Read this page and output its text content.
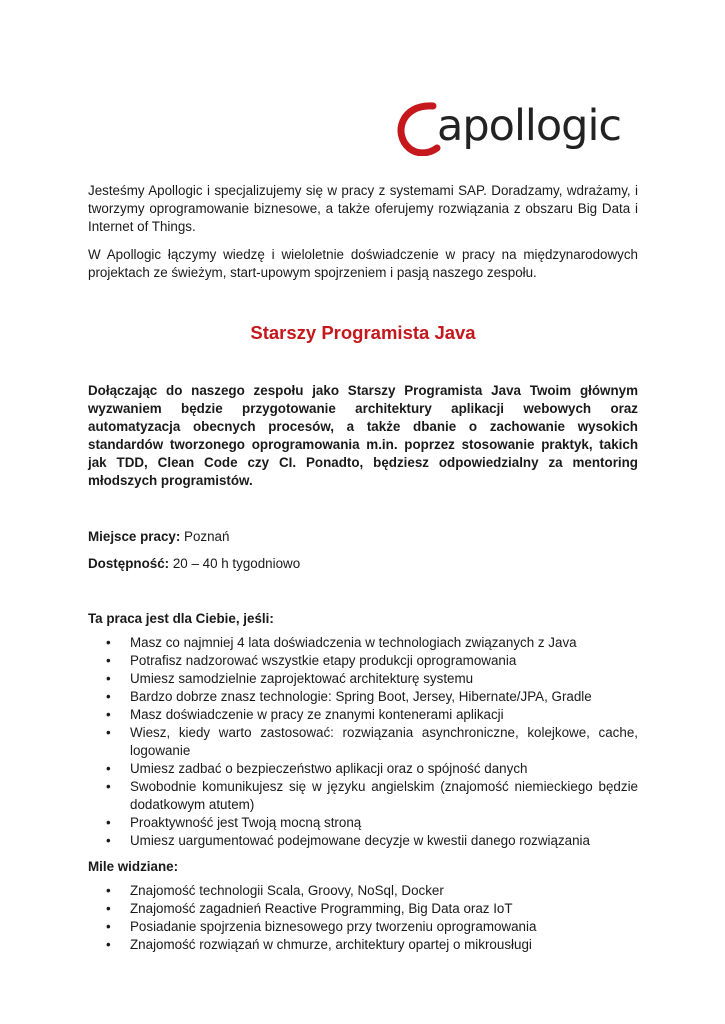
apollogic

Jesteśmy Apollogic i specjalizujemy się w pracy z systemami SAP. Doradzamy, wdrażamy, i tworzymy oprogramowanie biznesowe, a także oferujemy rozwiązania z obszaru Big Data i Internet of Things.

W Apollogic łączymy wiedzę i wieloletnie doświadczenie w pracy na międzynarodowych projektach ze świeżym, start-upowym spojrzeniem i pasją naszego zespołu.

Starszy Programista Java

Dołączając do naszego zespołu jako Starszy Programista Java Twoim głównym wyzwaniem będzie przygotowanie architektury aplikacji webowych oraz automatyzacja obecnych procesów, a także dbanie o zachowanie wysokich standardów tworzonego oprogramowania m.in. poprzez stosowanie praktyk, takich jak TDD, Clean Code czy CI. Ponadto, będziesz odpowiedzialny za mentoring młodszych programistów.

Miejsce pracy: Poznań

Dostępność: 20 – 40 h tygodniowo

Ta praca jest dla Ciebie, jeśli:

• Masz co najmniej 4 lata doświadczenia w technologiach związanych z Java
• Potrafisz nadzorować wszystkie etapy produkcji oprogramowania
• Umiesz samodzielnie zaprojektować architekturę systemu
• Bardzo dobrze znasz technologie: Spring Boot, Jersey, Hibernate/JPA, Gradle
• Masz doświadczenie w pracy ze znanymi kontenerami aplikacji
• Wiesz, kiedy warto zastosować: rozwiązania asynchroniczne, kolejkowe, cache, logowanie
• Umiesz zadbać o bezpieczeństwo aplikacji oraz o spójność danych
• Swobodnie komunikujesz się w języku angielskim (znajomość niemieckiego będzie dodatkowym atutem)
• Proaktywność jest Twoją mocną stroną
• Umiesz uargumentować podejmowane decyzje w kwestii danego rozwiązania

Mile widziane:

• Znajomość technologii Scala, Groovy, NoSql, Docker
• Znajomość zagadnień Reactive Programming, Big Data oraz IoT
• Posiadanie spojrzenia biznesowego przy tworzeniu oprogramowania
• Znajomość rozwiązań w chmurze, architektury opartej o mikrousługi
